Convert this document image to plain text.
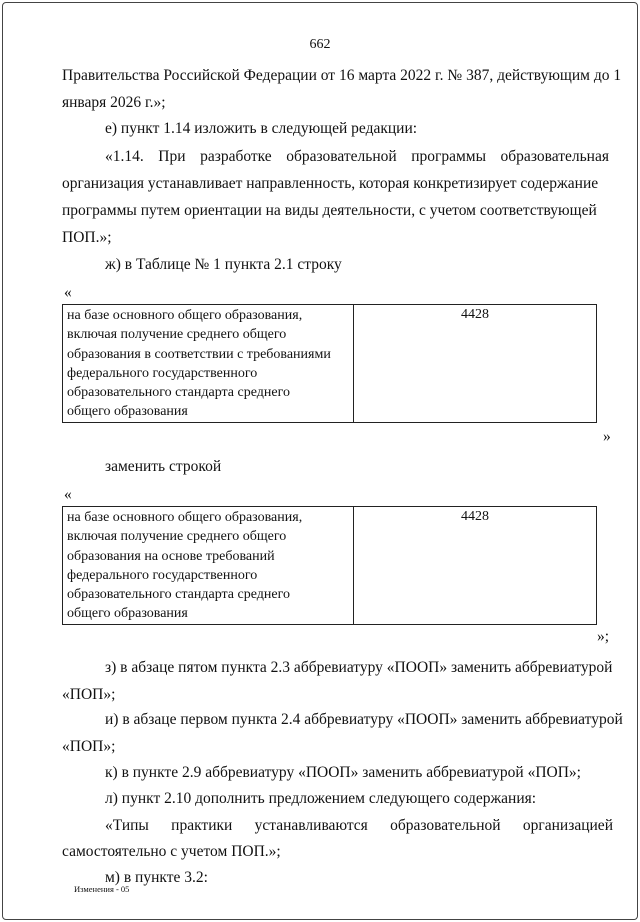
662
Правительства Российской Федерации от 16 марта 2022 г. № 387, действующим до 1
января 2026 г.»;
е) пункт 1.14 изложить в следующей редакции:
«1.14. При разработке образовательной программы образовательная
организация устанавливает направленность, которая конкретизирует содержание
программы путем ориентации на виды деятельности, с учетом соответствующей
ПОП.»;
ж) в Таблице № 1 пункта 2.1 строку
«
на базе основного общего образования,
включая получение среднего общего
образования в соответствии с требованиями
федерального государственного
образовательного стандарта среднего
общего образования
	4428
»
заменить строкой
«
на базе основного общего образования,
включая получение среднего общего
образования на основе требований
федерального государственного
образовательного стандарта среднего
общего образования
	4428
»;
з) в абзаце пятом пункта 2.3 аббревиатуру «ПООП» заменить аббревиатурой
«ПОП»;
и) в абзаце первом пункта 2.4 аббревиатуру «ПООП» заменить аббревиатурой
«ПОП»;
к) в пункте 2.9 аббревиатуру «ПООП» заменить аббревиатурой «ПОП»;
л) пункт 2.10 дополнить предложением следующего содержания:
«Типы практики устанавливаются образовательной организацией
самостоятельно с учетом ПОП.»;
м) в пункте 3.2:
Изменения - 05
